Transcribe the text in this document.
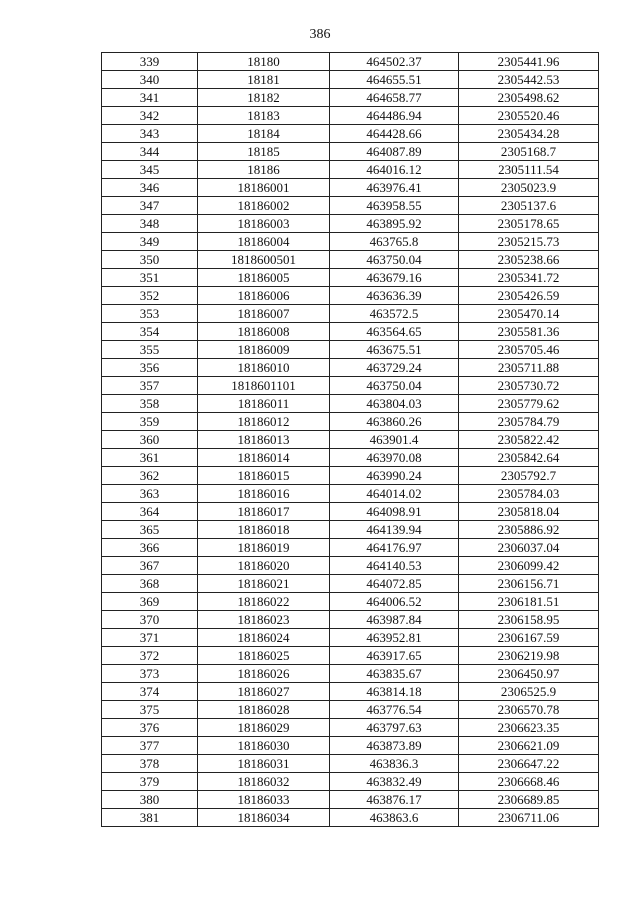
386
339	18180	464502.37	2305441.96
340	18181	464655.51	2305442.53
341	18182	464658.77	2305498.62
342	18183	464486.94	2305520.46
343	18184	464428.66	2305434.28
344	18185	464087.89	2305168.7
345	18186	464016.12	2305111.54
346	18186001	463976.41	2305023.9
347	18186002	463958.55	2305137.6
348	18186003	463895.92	2305178.65
349	18186004	463765.8	2305215.73
350	1818600501	463750.04	2305238.66
351	18186005	463679.16	2305341.72
352	18186006	463636.39	2305426.59
353	18186007	463572.5	2305470.14
354	18186008	463564.65	2305581.36
355	18186009	463675.51	2305705.46
356	18186010	463729.24	2305711.88
357	1818601101	463750.04	2305730.72
358	18186011	463804.03	2305779.62
359	18186012	463860.26	2305784.79
360	18186013	463901.4	2305822.42
361	18186014	463970.08	2305842.64
362	18186015	463990.24	2305792.7
363	18186016	464014.02	2305784.03
364	18186017	464098.91	2305818.04
365	18186018	464139.94	2305886.92
366	18186019	464176.97	2306037.04
367	18186020	464140.53	2306099.42
368	18186021	464072.85	2306156.71
369	18186022	464006.52	2306181.51
370	18186023	463987.84	2306158.95
371	18186024	463952.81	2306167.59
372	18186025	463917.65	2306219.98
373	18186026	463835.67	2306450.97
374	18186027	463814.18	2306525.9
375	18186028	463776.54	2306570.78
376	18186029	463797.63	2306623.35
377	18186030	463873.89	2306621.09
378	18186031	463836.3	2306647.22
379	18186032	463832.49	2306668.46
380	18186033	463876.17	2306689.85
381	18186034	463863.6	2306711.06
